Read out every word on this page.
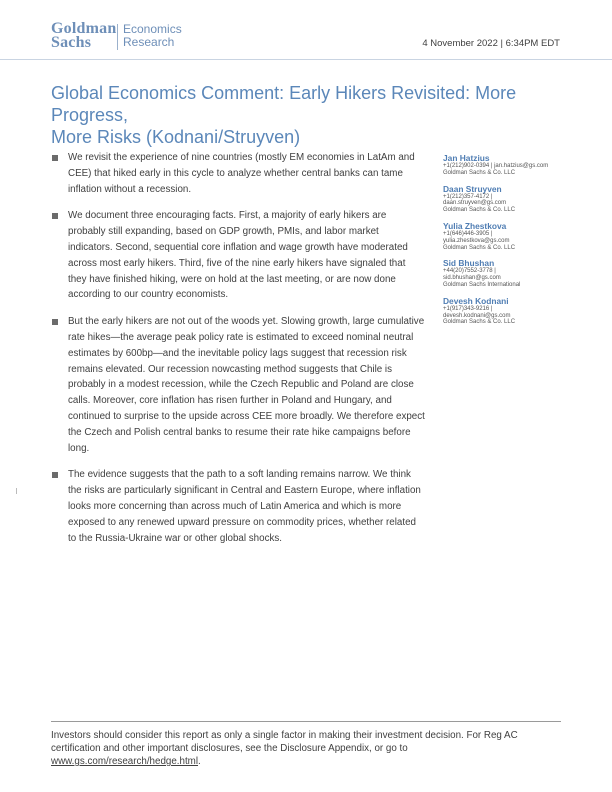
Goldman
Sachs
Economics
Research	4 November 2022 | 6:34PM EDT
Global Economics Comment: Early Hikers Revisited: More Progress,
More Risks (Kodnani/Struyven)
We revisit the experience of nine countries (mostly EM economies in LatAm and CEE) that hiked early in this cycle to analyze whether central banks can tame inflation without a recession.
We document three encouraging facts. First, a majority of early hikers are probably still expanding, based on GDP growth, PMIs, and labor market indicators. Second, sequential core inflation and wage growth have moderated across most early hikers. Third, five of the nine early hikers have signaled that they have finished hiking, were on hold at the last meeting, or are now done according to our country economists.
But the early hikers are not out of the woods yet. Slowing growth, large cumulative rate hikes—the average peak policy rate is estimated to exceed nominal neutral estimates by 600bp—and the inevitable policy lags suggest that recession risk remains elevated. Our recession nowcasting method suggests that Chile is probably in a modest recession, while the Czech Republic and Poland are close calls. Moreover, core inflation has risen further in Poland and Hungary, and continued to surprise to the upside across CEE more broadly. We therefore expect the Czech and Polish central banks to resume their rate hike campaigns before long.
The evidence suggests that the path to a soft landing remains narrow. We think the risks are particularly significant in Central and Eastern Europe, where inflation looks more concerning than across much of Latin America and which is more exposed to any renewed upward pressure on commodity prices, whether related to the Russia-Ukraine war or other global shocks.
Jan Hatzius
+1(212)902-0394 | jan.hatzius@gs.com
Goldman Sachs & Co. LLC
Daan Struyven
+1(212)357-4172 |
daan.struyven@gs.com
Goldman Sachs & Co. LLC
Yulia Zhestkova
+1(646)446-3905 |
yulia.zhestkova@gs.com
Goldman Sachs & Co. LLC
Sid Bhushan
+44(20)7552-3778 |
sid.bhushan@gs.com
Goldman Sachs International
Devesh Kodnani
+1(917)343-9216 |
devesh.kodnani@gs.com
Goldman Sachs & Co. LLC
Investors should consider this report as only a single factor in making their investment decision. For Reg AC certification and other important disclosures, see the Disclosure Appendix, or go to
www.gs.com/research/hedge.html.
